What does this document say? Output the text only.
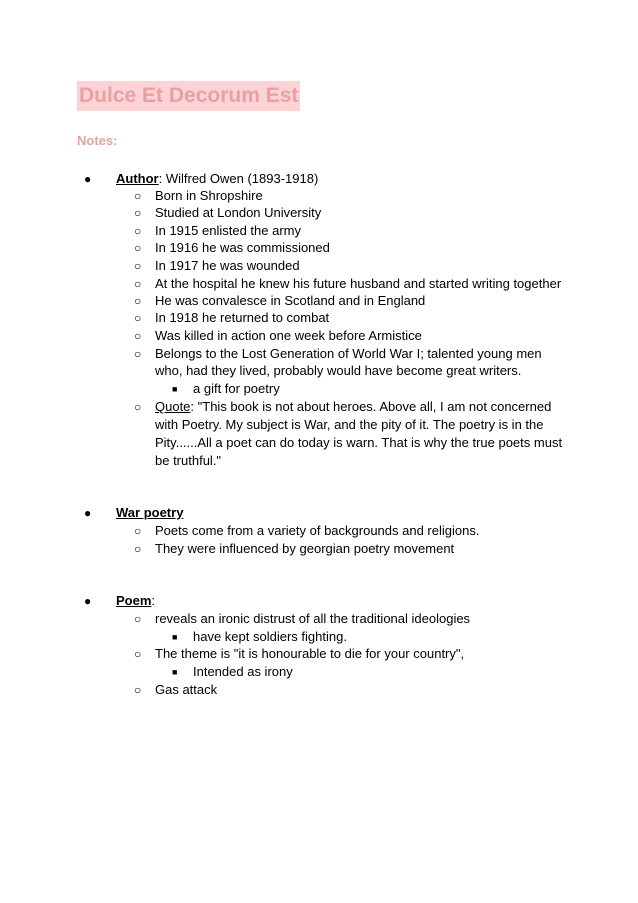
Dulce Et Decorum Est
Notes:
● Author: Wilfred Owen (1893-1918)
○ Born in Shropshire
○ Studied at London University
○ In 1915 enlisted the army
○ In 1916 he was commissioned
○ In 1917 he was wounded
○ At the hospital he knew his future husband and started writing together
○ He was convalesce in Scotland and in England
○ In 1918 he returned to combat
○ Was killed in action one week before Armistice
○ Belongs to the Lost Generation of World War I; talented young men
who, had they lived, probably would have become great writers.
■ a gift for poetry
○ Quote: "This book is not about heroes. Above all, I am not concerned
with Poetry. My subject is War, and the pity of it. The poetry is in the
Pity......All a poet can do today is warn. That is why the true poets must
be truthful."
● War poetry
○ Poets come from a variety of backgrounds and religions.
○ They were influenced by georgian poetry movement
● Poem:
○ reveals an ironic distrust of all the traditional ideologies
■ have kept soldiers fighting.
○ The theme is "it is honourable to die for your country",
■ Intended as irony
○ Gas attack
